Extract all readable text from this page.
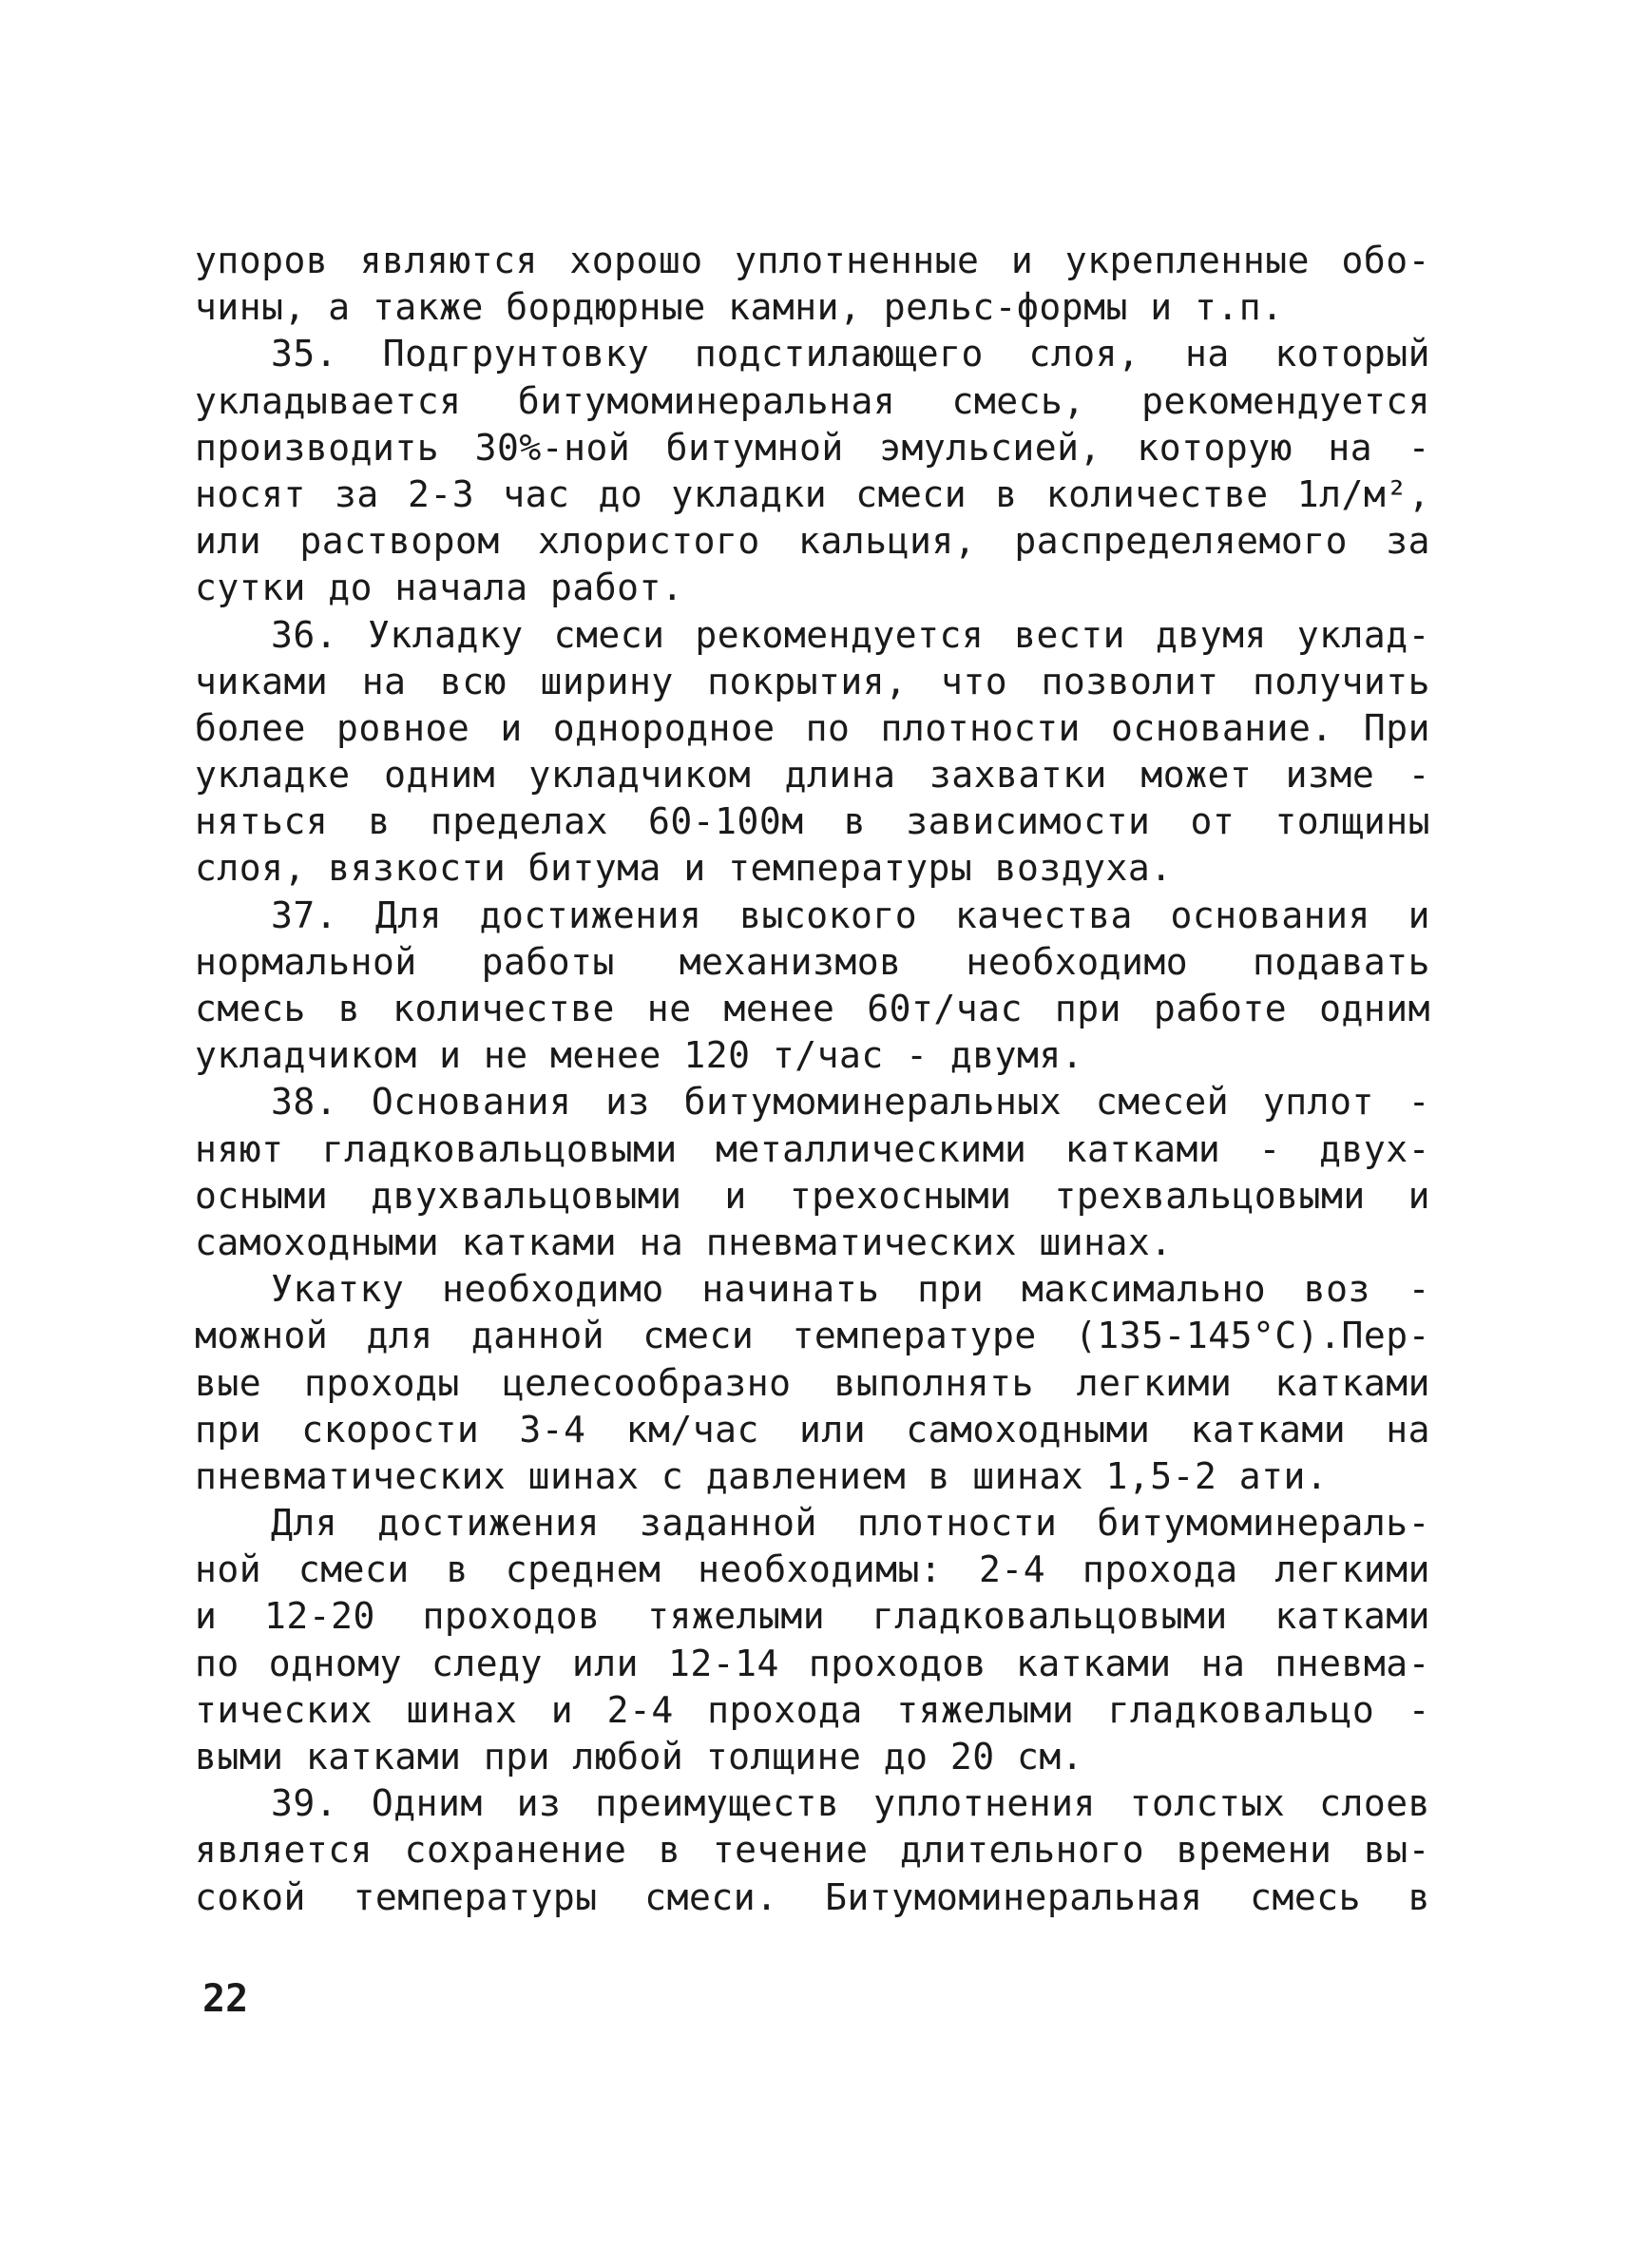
упоров являются хорошо уплотненные и укрепленные обо-
чины, а также бордюрные камни, рельс-формы и т.п.
35. Подгрунтовку подстилающего слоя, на который
укладывается битумоминеральная смесь, рекомендуется
производить 30%-ной битумной эмульсией, которую на -
носят за 2-3 час до укладки смеси в количестве 1л/м²,
или раствором хлористого кальция, распределяемого за
сутки до начала работ.
36. Укладку смеси рекомендуется вести двумя уклад-
чиками на всю ширину покрытия, что позволит получить
более ровное и однородное по плотности основание. При
укладке одним укладчиком длина захватки может изме -
няться в пределах 60-100м в зависимости от толщины
слоя, вязкости битума и температуры воздуха.
37. Для достижения высокого качества основания и
нормальной работы механизмов необходимо подавать
смесь в количестве не менее 60т/час при работе одним
укладчиком и не менее 120 т/час - двумя.
38. Основания из битумоминеральных смесей уплот -
няют гладковальцовыми металлическими катками - двух-
осными двухвальцовыми и трехосными трехвальцовыми и
самоходными катками на пневматических шинах.
Укатку необходимо начинать при максимально воз -
можной для данной смеси температуре (135-145°С).Пер-
вые проходы целесообразно выполнять легкими катками
при скорости 3-4 км/час или самоходными катками на
пневматических шинах с давлением в шинах 1,5-2 ати.
Для достижения заданной плотности битумоминераль-
ной смеси в среднем необходимы: 2-4 прохода легкими
и 12-20 проходов тяжелыми гладковальцовыми катками
по одному следу или 12-14 проходов катками на пневма-
тических шинах и 2-4 прохода тяжелыми гладковальцо -
выми катками при любой толщине до 20 см.
39. Одним из преимуществ уплотнения толстых слоев
является сохранение в течение длительного времени вы-
сокой температуры смеси. Битумоминеральная смесь в
22
